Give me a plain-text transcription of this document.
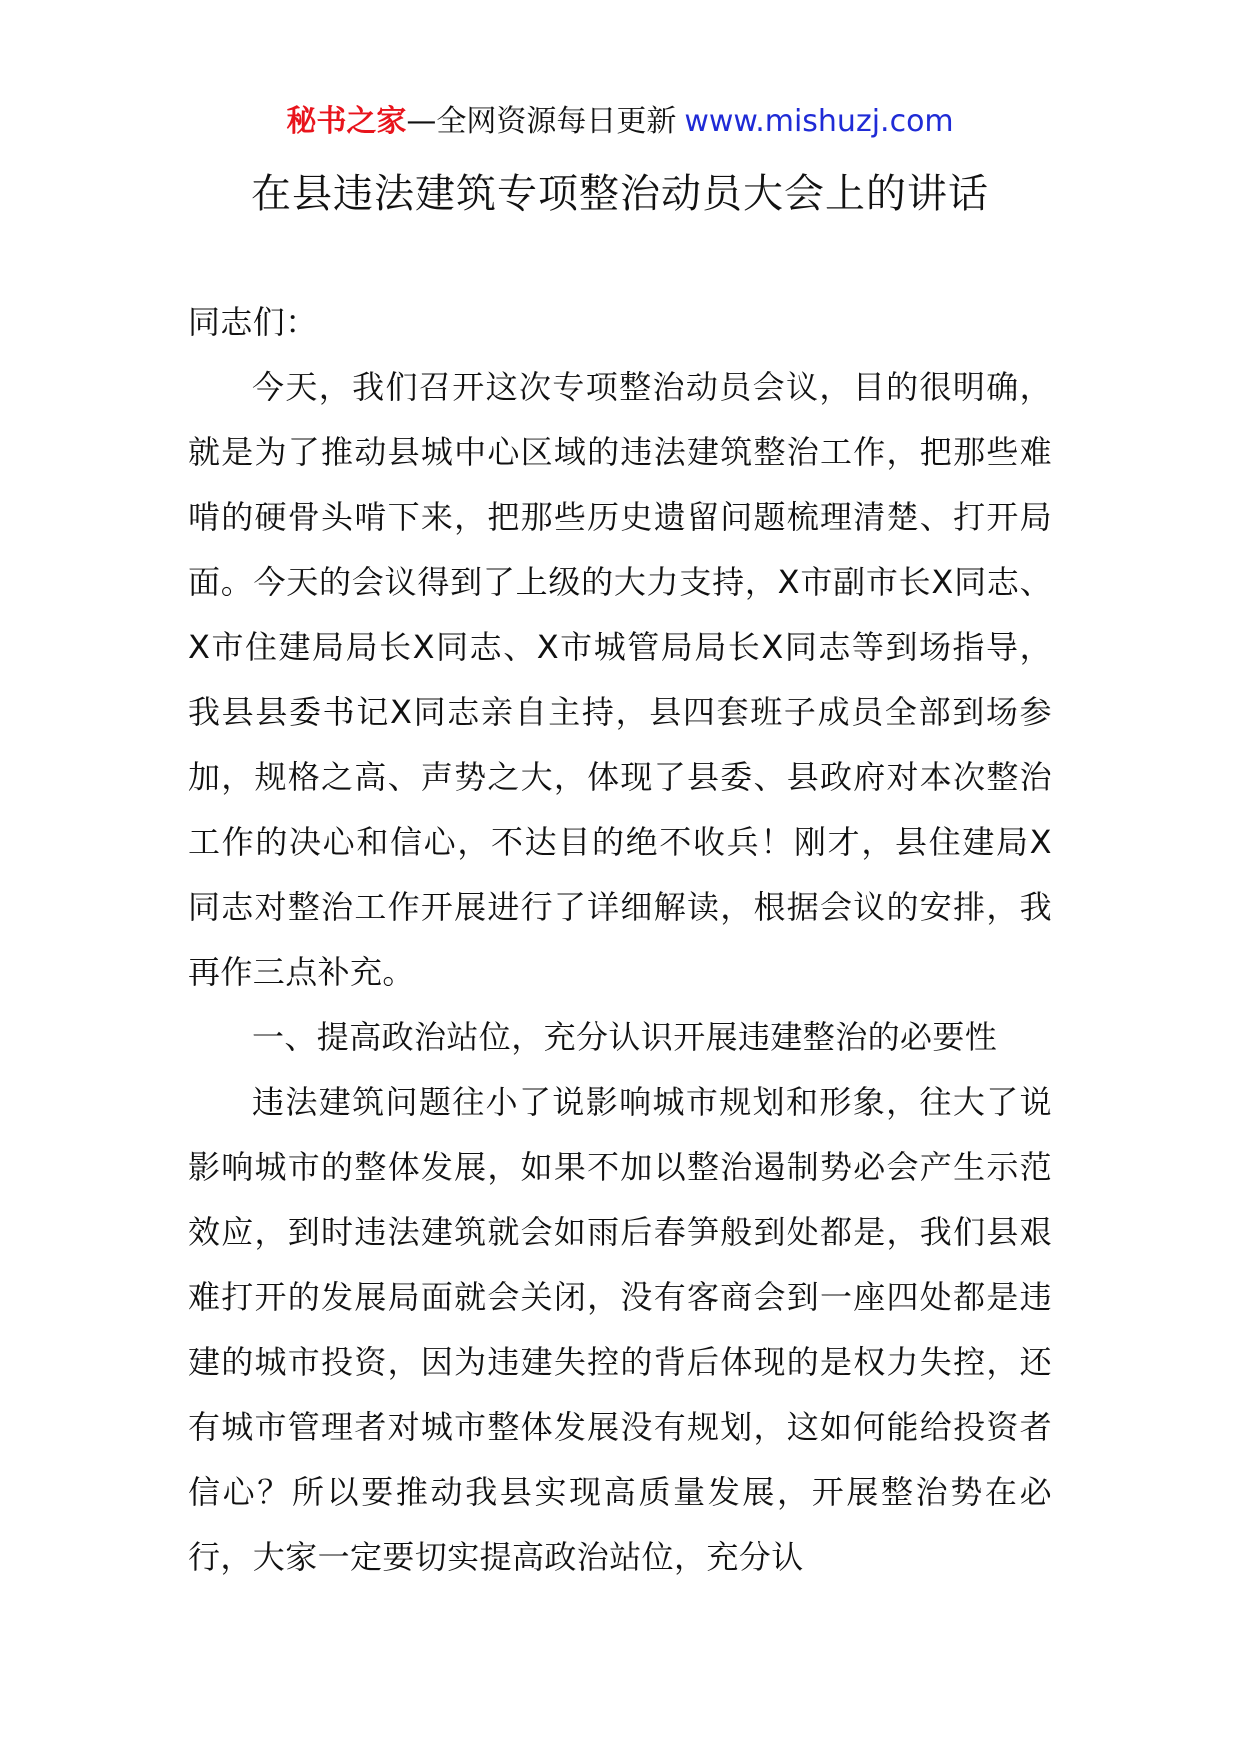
秘书之家—全网资源每日更新 www.mishuzj.com
在县违法建筑专项整治动员大会上的讲话

同志们：

今天，我们召开这次专项整治动员会议，目的很明确，就是为了推动县城中心区域的违法建筑整治工作，把那些难啃的硬骨头啃下来，把那些历史遗留问题梳理清楚、打开局面。今天的会议得到了上级的大力支持，X市副市长X同志、X市住建局局长X同志、X市城管局局长X同志等到场指导，我县县委书记X同志亲自主持，县四套班子成员全部到场参加，规格之高、声势之大，体现了县委、县政府对本次整治工作的决心和信心，不达目的绝不收兵！刚才，县住建局X同志对整治工作开展进行了详细解读，根据会议的安排，我再作三点补充。

一、提高政治站位，充分认识开展违建整治的必要性

违法建筑问题往小了说影响城市规划和形象，往大了说影响城市的整体发展，如果不加以整治遏制势必会产生示范效应，到时违法建筑就会如雨后春笋般到处都是，我们县艰难打开的发展局面就会关闭，没有客商会到一座四处都是违建的城市投资，因为违建失控的背后体现的是权力失控，还有城市管理者对城市整体发展没有规划，这如何能给投资者信心？所以要推动我县实现高质量发展，开展整治势在必行，大家一定要切实提高政治站位，充分认
